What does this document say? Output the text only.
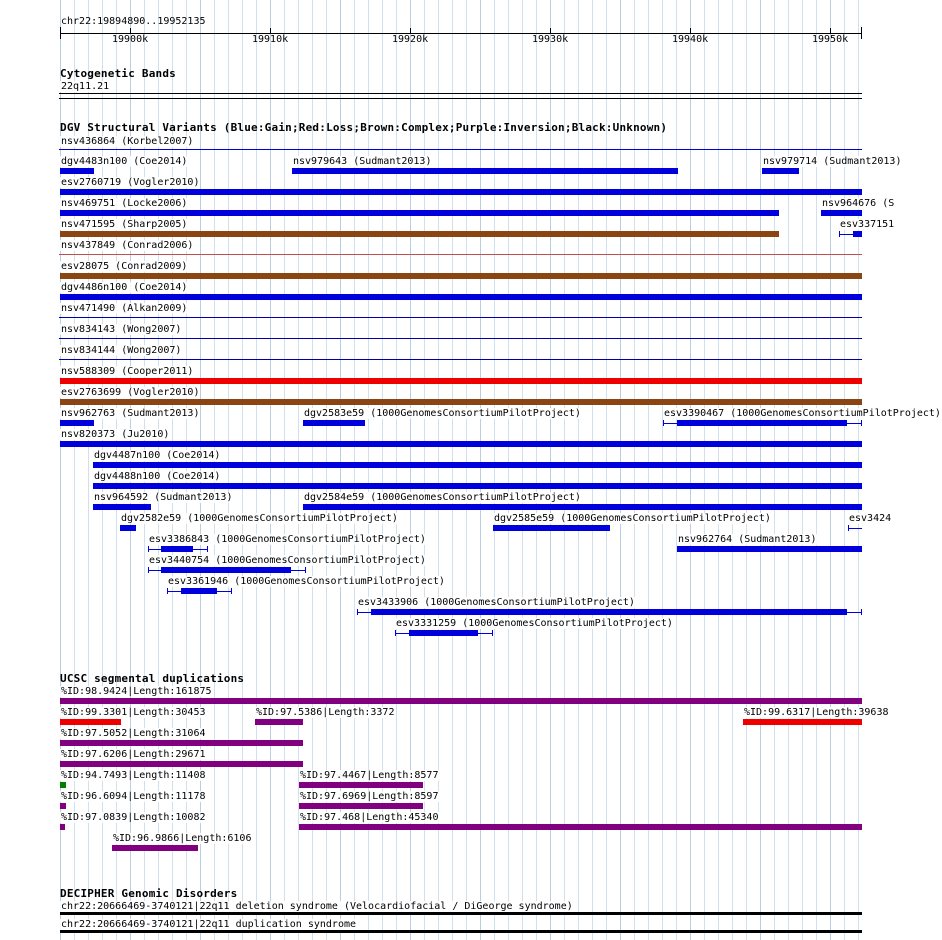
chr22:19894890..19952135
19900k	19910k	19920k	19930k	19940k	19950k
Cytogenetic Bands
22q11.21
DGV Structural Variants (Blue:Gain;Red:Loss;Brown:Complex;Purple:Inversion;Black:Unknown)
nsv436864 (Korbel2007)
dgv4483n100 (Coe2014)	nsv979643 (Sudmant2013)	nsv979714 (Sudmant2013)
esv2760719 (Vogler2010)
nsv469751 (Locke2006)	nsv964676 (S
nsv471595 (Sharp2005)	esv337151
nsv437849 (Conrad2006)
esv28075 (Conrad2009)
dgv4486n100 (Coe2014)
nsv471490 (Alkan2009)
nsv834143 (Wong2007)
nsv834144 (Wong2007)
nsv588309 (Cooper2011)
esv2763699 (Vogler2010)
nsv962763 (Sudmant2013)	dgv2583e59 (1000GenomesConsortiumPilotProject)	esv3390467 (1000GenomesConsortiumPilotProject)
nsv820373 (Ju2010)
dgv4487n100 (Coe2014)
dgv4488n100 (Coe2014)
nsv964592 (Sudmant2013)	dgv2584e59 (1000GenomesConsortiumPilotProject)
dgv2582e59 (1000GenomesConsortiumPilotProject)	dgv2585e59 (1000GenomesConsortiumPilotProject)	esv3424
esv3386843 (1000GenomesConsortiumPilotProject)	nsv962764 (Sudmant2013)
esv3440754 (1000GenomesConsortiumPilotProject)
esv3361946 (1000GenomesConsortiumPilotProject)
esv3433906 (1000GenomesConsortiumPilotProject)
esv3331259 (1000GenomesConsortiumPilotProject)
UCSC segmental duplications
%ID:98.9424|Length:161875
%ID:99.3301|Length:30453	%ID:97.5386|Length:3372	%ID:99.6317|Length:39638
%ID:97.5052|Length:31064
%ID:97.6206|Length:29671
%ID:94.7493|Length:11408	%ID:97.4467|Length:8577
%ID:96.6094|Length:11178	%ID:97.6969|Length:8597
%ID:97.0839|Length:10082	%ID:97.468|Length:45340
%ID:96.9866|Length:6106
DECIPHER Genomic Disorders
chr22:20666469-3740121|22q11 deletion syndrome (Velocardiofacial / DiGeorge syndrome)
chr22:20666469-3740121|22q11 duplication syndrome
